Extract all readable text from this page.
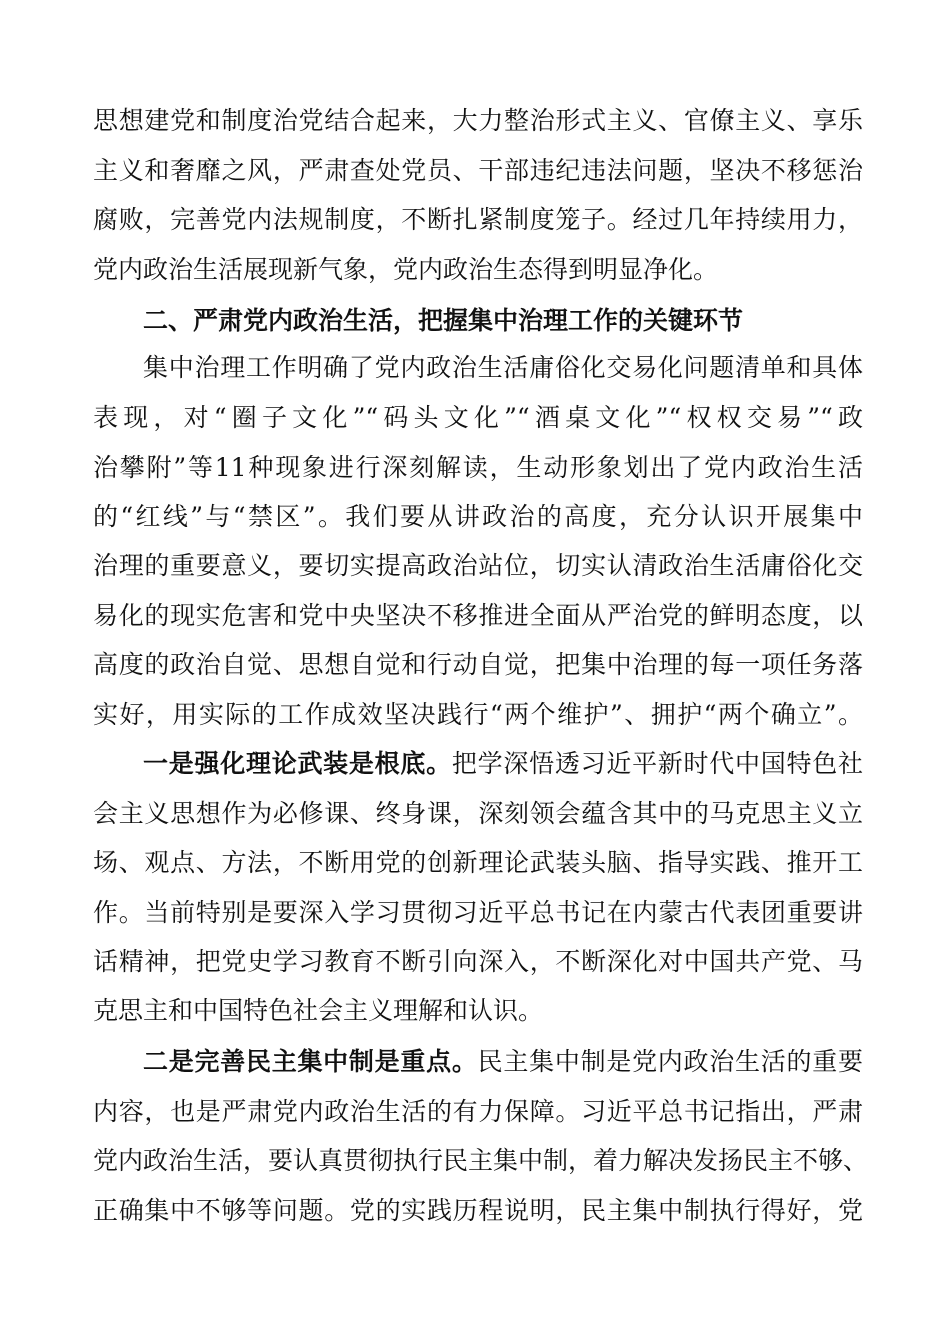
思想建党和制度治党结合起来，大力整治形式主义、官僚主义、享乐
主义和奢靡之风，严肃查处党员、干部违纪违法问题，坚决不移惩治
腐败，完善党内法规制度，不断扎紧制度笼子。经过几年持续用力，
党内政治生活展现新气象，党内政治生态得到明显净化。
二、严肃党内政治生活，把握集中治理工作的关键环节
集中治理工作明确了党内政治生活庸俗化交易化问题清单和具体
表现，对“圈子文化”“码头文化”“酒桌文化”“权权交易”“政
治攀附”等11种现象进行深刻解读，生动形象划出了党内政治生活
的“红线”与“禁区”。我们要从讲政治的高度，充分认识开展集中
治理的重要意义，要切实提高政治站位，切实认清政治生活庸俗化交
易化的现实危害和党中央坚决不移推进全面从严治党的鲜明态度，以
高度的政治自觉、思想自觉和行动自觉，把集中治理的每一项任务落
实好，用实际的工作成效坚决践行“两个维护”、拥护“两个确立”。
一是强化理论武装是根底。把学深悟透习近平新时代中国特色社
会主义思想作为必修课、终身课，深刻领会蕴含其中的马克思主义立
场、观点、方法，不断用党的创新理论武装头脑、指导实践、推开工
作。当前特别是要深入学习贯彻习近平总书记在内蒙古代表团重要讲
话精神，把党史学习教育不断引向深入，不断深化对中国共产党、马
克思主和中国特色社会主义理解和认识。
二是完善民主集中制是重点。民主集中制是党内政治生活的重要
内容，也是严肃党内政治生活的有力保障。习近平总书记指出，严肃
党内政治生活，要认真贯彻执行民主集中制，着力解决发扬民主不够、
正确集中不够等问题。党的实践历程说明，民主集中制执行得好，党
